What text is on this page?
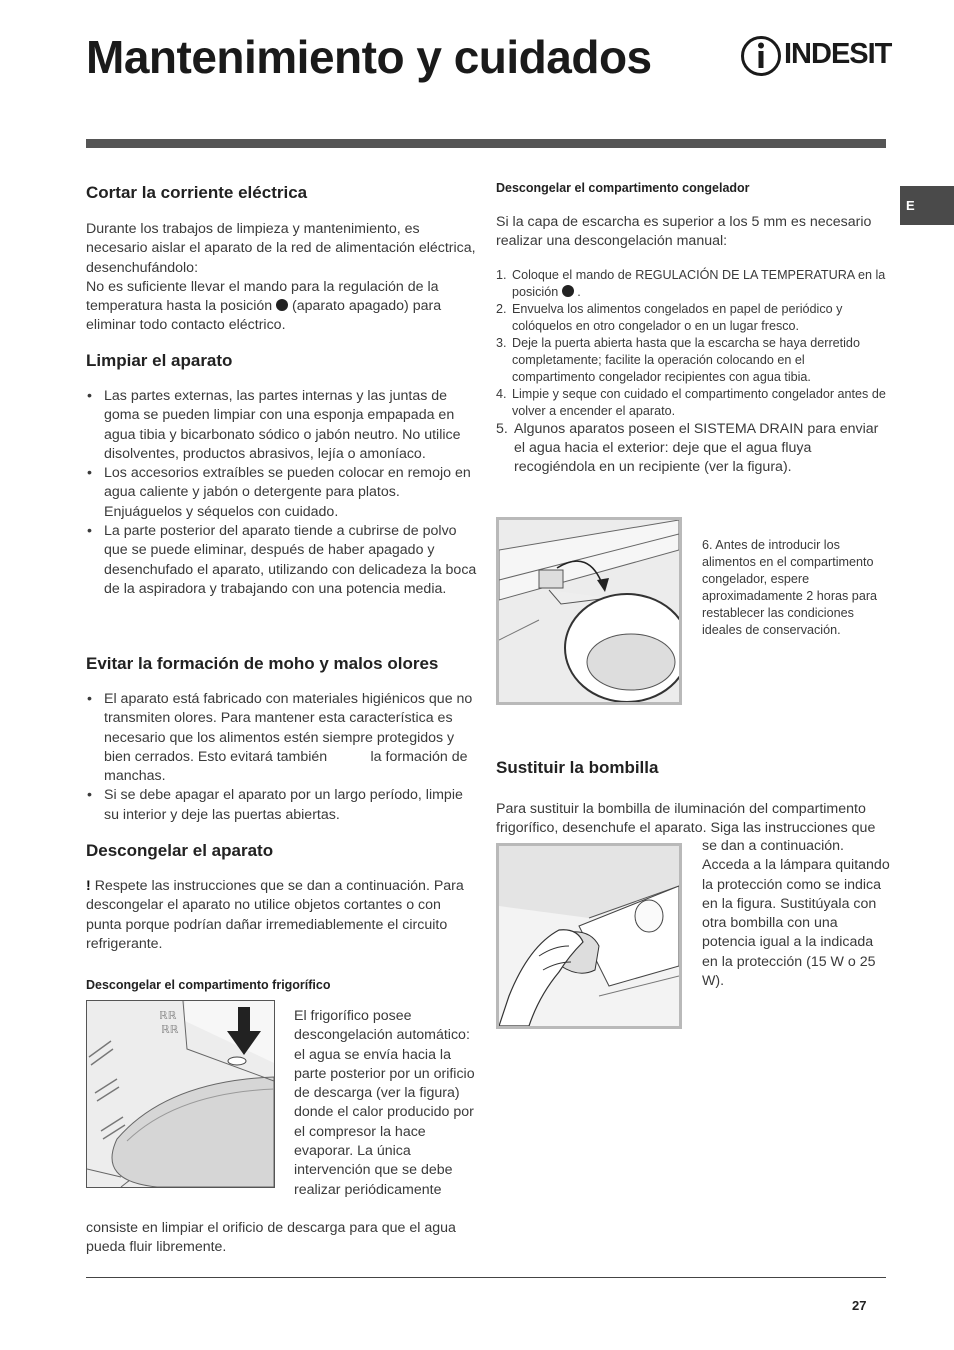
Mantenimiento y cuidados	INDESIT
E
Cortar la corriente eléctrica

Durante los trabajos de limpieza y mantenimiento, es necesario aislar el aparato de la red de alimentación eléctrica, desenchufándolo:

No es suficiente llevar el mando para la regulación de la temperatura hasta la posición (aparato apagado) para eliminar todo contacto eléctrico.

Limpiar el aparato
• Las partes externas, las partes internas y las juntas de goma se pueden limpiar con una esponja empapada en agua tibia y bicarbonato sódico o jabón neutro. No utilice disolventes, productos abrasivos, lejía o amoníaco.
• Los accesorios extraíbles se pueden colocar en remojo en agua caliente y jabón o detergente para platos. Enjuáguelos y séquelos con cuidado.
• La parte posterior del aparato tiende a cubrirse de polvo que se puede eliminar, después de haber apagado y desenchufado el aparato, utilizando con delicadeza la boca de la aspiradora y trabajando con una potencia media.
Evitar la formación de moho y malos olores
• El aparato está fabricado con materiales higiénicos que no transmiten olores. Para mantener esta característica es necesario que los alimentos estén siempre protegidos y bien cerrados. Esto evitará también           la formación de manchas.
• Si se debe apagar el aparato por un largo período, limpie su interior y deje las puertas abiertas.
Descongelar el aparato

! Respete las instrucciones que se dan a continuación. Para descongelar el aparato no utilice objetos cortantes o con punta porque podrían dañar irremediablemente el circuito refrigerante.

Descongelar el compartimento frigorífico
ℝℝ
ℝℝ

El frigorífico posee descongelación automático: el agua se envía hacia la parte posterior por un orificio de descarga (ver la figura) donde el calor producido por el compresor la hace evaporar. La única intervención que se debe realizar periódicamente

consiste en limpiar el orificio de descarga para que el agua pueda fluir libremente.

Descongelar el compartimento congelador

Si la capa de escarcha es superior a los 5 mm es necesario realizar una descongelación manual:

1. Coloque el mando de REGULACIÓN DE LA TEMPERATURA en la posición .
2. Envuelva los alimentos congelados en papel de periódico y colóquelos en otro congelador o en un lugar fresco.
3. Deje la puerta abierta hasta que la escarcha se haya derretido completamente; facilite la operación colocando en el compartimento congelador recipientes con agua tibia.
4. Limpie y seque con cuidado el compartimento congelador antes de volver a encender el aparato.
5. Algunos aparatos poseen el SISTEMA DRAIN para enviar el agua hacia el exterior: deje que el agua fluya recogiéndola en un recipiente (ver la figura).

6. Antes de introducir los alimentos en el compartimento congelador, espere aproximadamente 2 horas para restablecer las condiciones ideales de conservación.

Sustituir la bombilla

Para sustituir la bombilla de iluminación del compartimento frigorífico, desenchufe el aparato. Siga las instrucciones que

se dan a continuación. Acceda a la lámpara quitando la protección como se indica en la figura. Sustitúyala con otra bombilla con una potencia igual a la indicada en la protección (15 W o 25 W).

27
